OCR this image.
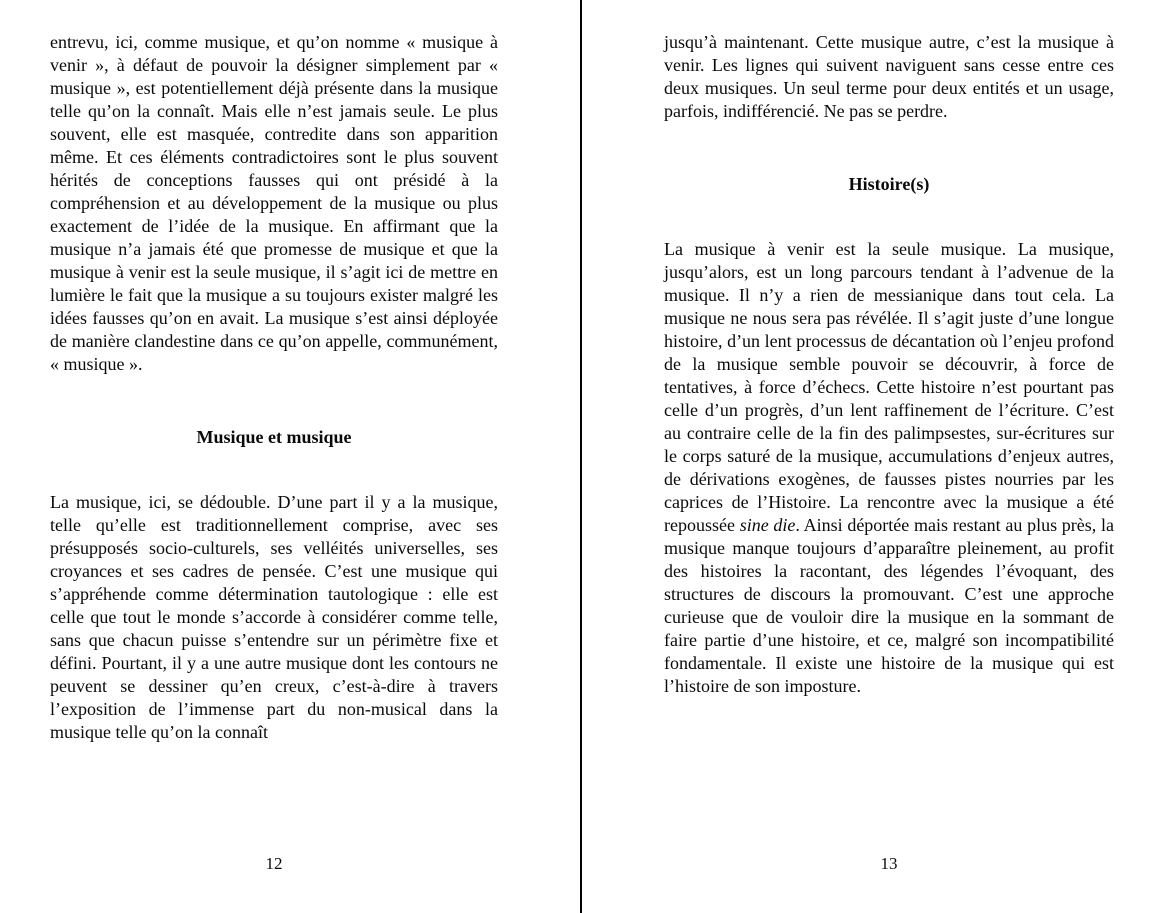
entrevu, ici, comme musique, et qu’on nomme « musique à venir », à défaut de pouvoir la désigner simplement par « musique », est potentiellement déjà présente dans la musique telle qu’on la connaît. Mais elle n’est jamais seule. Le plus souvent, elle est masquée, contredite dans son apparition même. Et ces éléments contradictoires sont le plus souvent hérités de conceptions fausses qui ont présidé à la compréhension et au développement de la musique ou plus exactement de l’idée de la musique. En affirmant que la musique n’a jamais été que promesse de musique et que la musique à venir est la seule musique, il s’agit ici de mettre en lumière le fait que la musique a su toujours exister malgré les idées fausses qu’on en avait. La musique s’est ainsi déployée de manière clandestine dans ce qu’on appelle, communément, « musique ».

Musique et musique

La musique, ici, se dédouble. D’une part il y a la musique, telle qu’elle est traditionnellement comprise, avec ses présupposés socio-culturels, ses velléités universelles, ses croyances et ses cadres de pensée. C’est une musique qui s’appréhende comme détermination tautologique : elle est celle que tout le monde s’accorde à considérer comme telle, sans que chacun puisse s’entendre sur un périmètre fixe et défini. Pourtant, il y a une autre musique dont les contours ne peuvent se dessiner qu’en creux, c’est-à-dire à travers l’exposition de l’immense part du non-musical dans la musique telle qu’on la connaît

12

jusqu’à maintenant. Cette musique autre, c’est la musique à venir. Les lignes qui suivent naviguent sans cesse entre ces deux musiques. Un seul terme pour deux entités et un usage, parfois, indifférencié. Ne pas se perdre.

Histoire(s)

La musique à venir est la seule musique. La musique, jusqu’alors, est un long parcours tendant à l’advenue de la musique. Il n’y a rien de messianique dans tout cela. La musique ne nous sera pas révélée. Il s’agit juste d’une longue histoire, d’un lent processus de décantation où l’enjeu profond de la musique semble pouvoir se découvrir, à force de tentatives, à force d’échecs. Cette histoire n’est pourtant pas celle d’un progrès, d’un lent raffinement de l’écriture. C’est au contraire celle de la fin des palimpsestes, sur-écritures sur le corps saturé de la musique, accumulations d’enjeux autres, de dérivations exogènes, de fausses pistes nourries par les caprices de l’Histoire. La rencontre avec la musique a été repoussée sine die. Ainsi déportée mais restant au plus près, la musique manque toujours d’apparaître pleinement, au profit des histoires la racontant, des légendes l’évoquant, des structures de discours la promouvant. C’est une approche curieuse que de vouloir dire la musique en la sommant de faire partie d’une histoire, et ce, malgré son incompatibilité fondamentale. Il existe une histoire de la musique qui est l’histoire de son imposture.

13
